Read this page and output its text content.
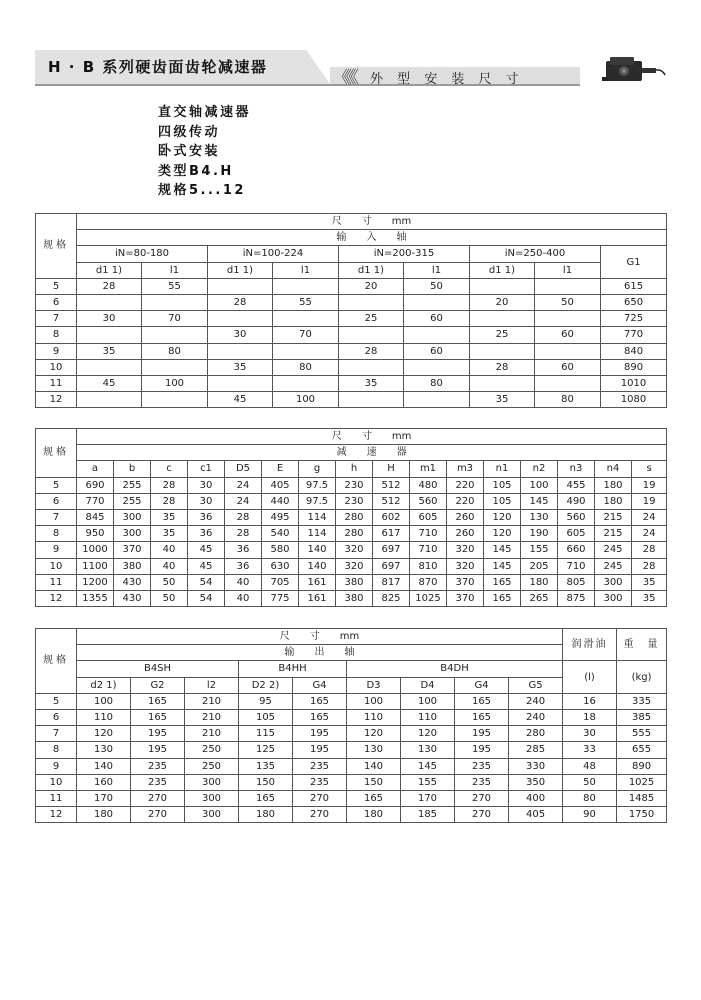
H · B 系列硬齿面齿轮减速器
《《《 外 型 安 装 尺 寸
直交轴减速器
四级传动
卧式安装
类型B4.H
规格5...12
规格	尺　　寸　　mm								
	输　　入　　轴								
	iN=80-180		iN=100-224		iN=200-315		iN=250-400		G1
	d1 1)	l1	d1 1)	l1	d1 1)	l1	d1 1)	l1	
5	28	55			20	50			615
6			28	55			20	50	650
7	30	70			25	60			725
8			30	70			25	60	770
9	35	80			28	60			840
10			35	80			28	60	890
11	45	100			35	80			1010
12			45	100			35	80	1080
规格	尺　　寸　　mm															
	减　　速　　器															
	a	b	c	c1	D5	E	g	h	H	m1	m3	n1	n2	n3	n4	s
5	690	255	28	30	24	405	97.5	230	512	480	220	105	100	455	180	19
6	770	255	28	30	24	440	97.5	230	512	560	220	105	145	490	180	19
7	845	300	35	36	28	495	114	280	602	605	260	120	130	560	215	24
8	950	300	35	36	28	540	114	280	617	710	260	120	190	605	215	24
9	1000	370	40	45	36	580	140	320	697	710	320	145	155	660	245	28
10	1100	380	40	45	36	630	140	320	697	810	320	145	205	710	245	28
11	1200	430	50	54	40	705	161	380	817	870	370	165	180	805	300	35
12	1355	430	50	54	40	775	161	380	825	1025	370	165	265	875	300	35
规格	尺　　寸　　mm									润滑油	重　量
	输　　出　　轴										
	B4SH			B4HH		B4DH				(l)	(kg)
	d2 1)	G2	l2	D2 2)	G4	D3	D4	G4	G5		
5	100	165	210	95	165	100	100	165	240	16	335
6	110	165	210	105	165	110	110	165	240	18	385
7	120	195	210	115	195	120	120	195	280	30	555
8	130	195	250	125	195	130	130	195	285	33	655
9	140	235	250	135	235	140	145	235	330	48	890
10	160	235	300	150	235	150	155	235	350	50	1025
11	170	270	300	165	270	165	170	270	400	80	1485
12	180	270	300	180	270	180	185	270	405	90	1750
